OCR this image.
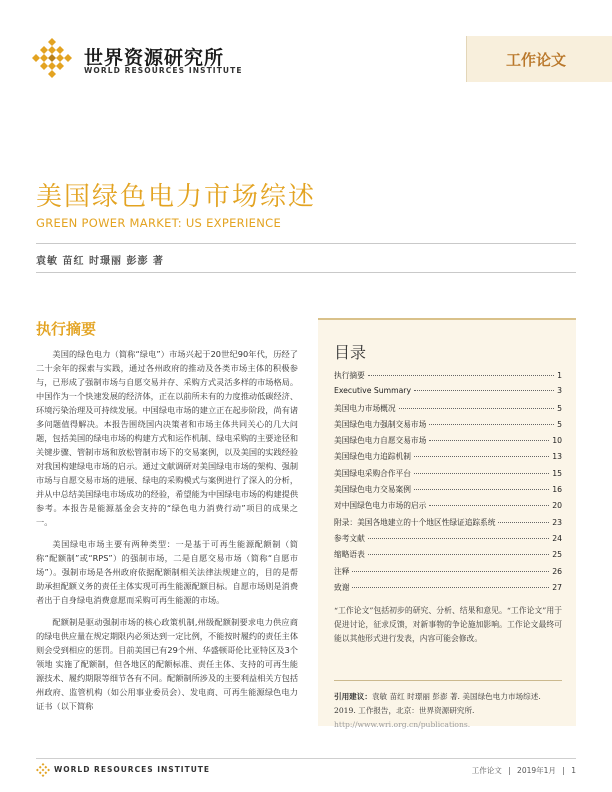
世界资源研究所
WORLD RESOURCES INSTITUTE
工作论文
美国绿色电力市场综述
GREEN POWER MARKET: US EXPERIENCE
袁敏 苗红 时璟丽 彭澎 著
执行摘要

美国的绿色电力（简称“绿电”）市场兴起于20世纪90年代，历经了二十余年的探索与实践，通过各州政府的推动及各类市场主体的积极参与，已形成了强制市场与自愿交易并存、采购方式灵活多样的市场格局。中国作为一个快速发展的经济体，正在以前所未有的力度推动低碳经济、环境污染治理及可持续发展。中国绿电市场的建立正在起步阶段，尚有诸多问题值得解决。本报告围绕国内决策者和市场主体共同关心的几大问题，包括美国的绿电市场的构建方式和运作机制、绿电采购的主要途径和关键步骤、管制市场和放松管制市场下的交易案例，以及美国的实践经验对我国构建绿电市场的启示。通过文献调研对美国绿电市场的架构、强制市场与自愿交易市场的进展、绿电的采购模式与案例进行了深入的分析，并从中总结美国绿电市场成功的经验，希望能为中国绿电市场的构建提供参考。本报告是能源基金会支持的“绿色电力消费行动”项目的成果之一。

美国绿电市场主要有两种类型：一是基于可再生能源配额制（简称“配额制”或“RPS”）的强制市场，二是自愿交易市场（简称“自愿市场”）。强制市场是各州政府依据配额制相关法律法规建立的，目的是帮助承担配额义务的责任主体实现可再生能源配额目标。自愿市场则是消费者出于自身绿电消费意愿而采购可再生能源的市场。

配额制是驱动强制市场的核心政策机制,州级配额制要求电力供应商的绿电供应量在规定期限内必须达到一定比例，不能按时履约的责任主体则会受到相应的惩罚。目前美国已有29个州、华盛顿哥伦比亚特区及3个领地 实施了配额制，但各地区的配额标准、责任主体、支持的可再生能源技术、履约期限等细节各有不同。配额制所涉及的主要利益相关方包括州政府、监管机构（如公用事业委员会）、发电商、可再生能源绿色电力证书（以下简称

目录
执行摘要	1
Executive Summary	3
美国电力市场概况	5
美国绿色电力强制交易市场	5
美国绿色电力自愿交易市场	10
美国绿色电力追踪机制	13
美国绿电采购合作平台	15
美国绿色电力交易案例	16
对中国绿色电力市场的启示	20
附录：美国各地建立的十个地区性绿证追踪系统	23
参考文献	24
缩略语表	25
注释	26
致谢	27
“工作论文”包括初步的研究、分析、结果和意见。“工作论文”用于促进讨论，征求反馈，对新事物的争论施加影响。工作论文最终可能以其他形式进行发表，内容可能会修改。
引用建议：袁敏 苗红 时璟丽 彭澎 著. 美国绿色电力市场综述. 2019. 工作报告，北京：世界资源研究所. http://www.wri.org.cn/publications.
WORLD RESOURCES INSTITUTE	工作论文 | 2019年1月 | 1
